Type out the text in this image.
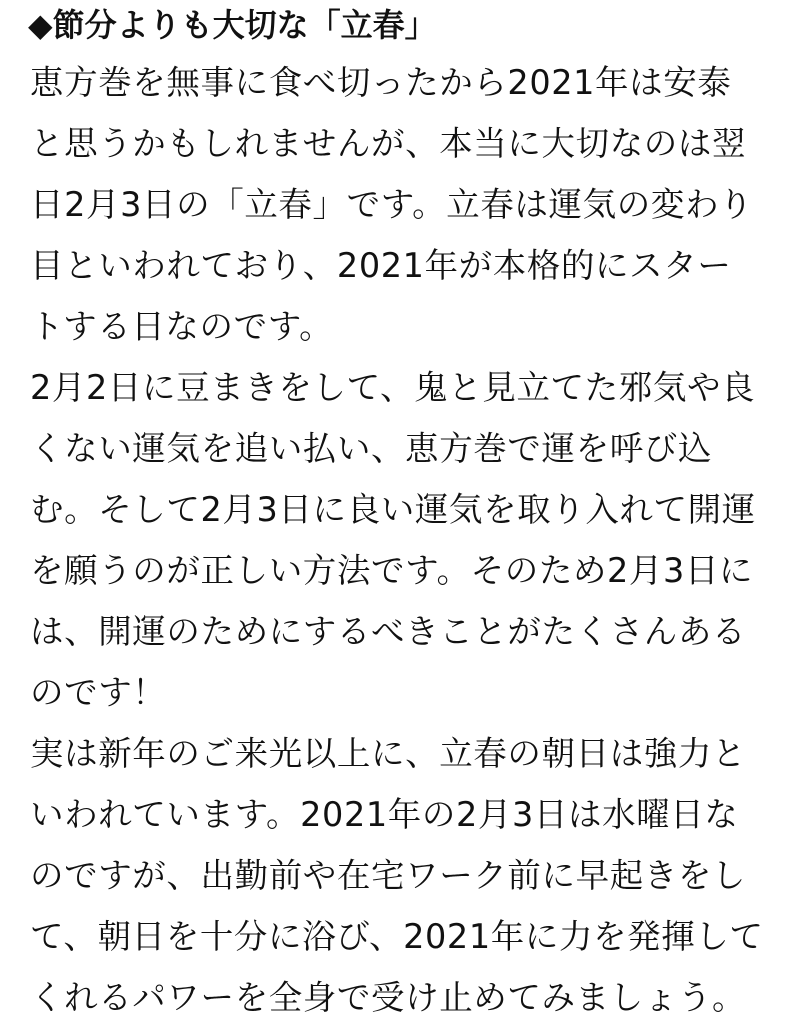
◆節分よりも大切な「立春」

恵方巻を無事に食べ切ったから2021年は安泰

と思うかもしれませんが、本当に大切なのは翌

日2月3日の「立春」です。立春は運気の変わり

目といわれており、2021年が本格的にスター

トする日なのです。

2月2日に豆まきをして、鬼と見立てた邪気や良

くない運気を追い払い、恵方巻で運を呼び込

む。そして2月3日に良い運気を取り入れて開運

を願うのが正しい方法です。そのため2月3日に

は、開運のためにするべきことがたくさんある

のです！

実は新年のご来光以上に、立春の朝日は強力と

いわれています。2021年の2月3日は水曜日な

のですが、出勤前や在宅ワーク前に早起きをし

て、朝日を十分に浴び、2021年に力を発揮して

くれるパワーを全身で受け止めてみましょう。
